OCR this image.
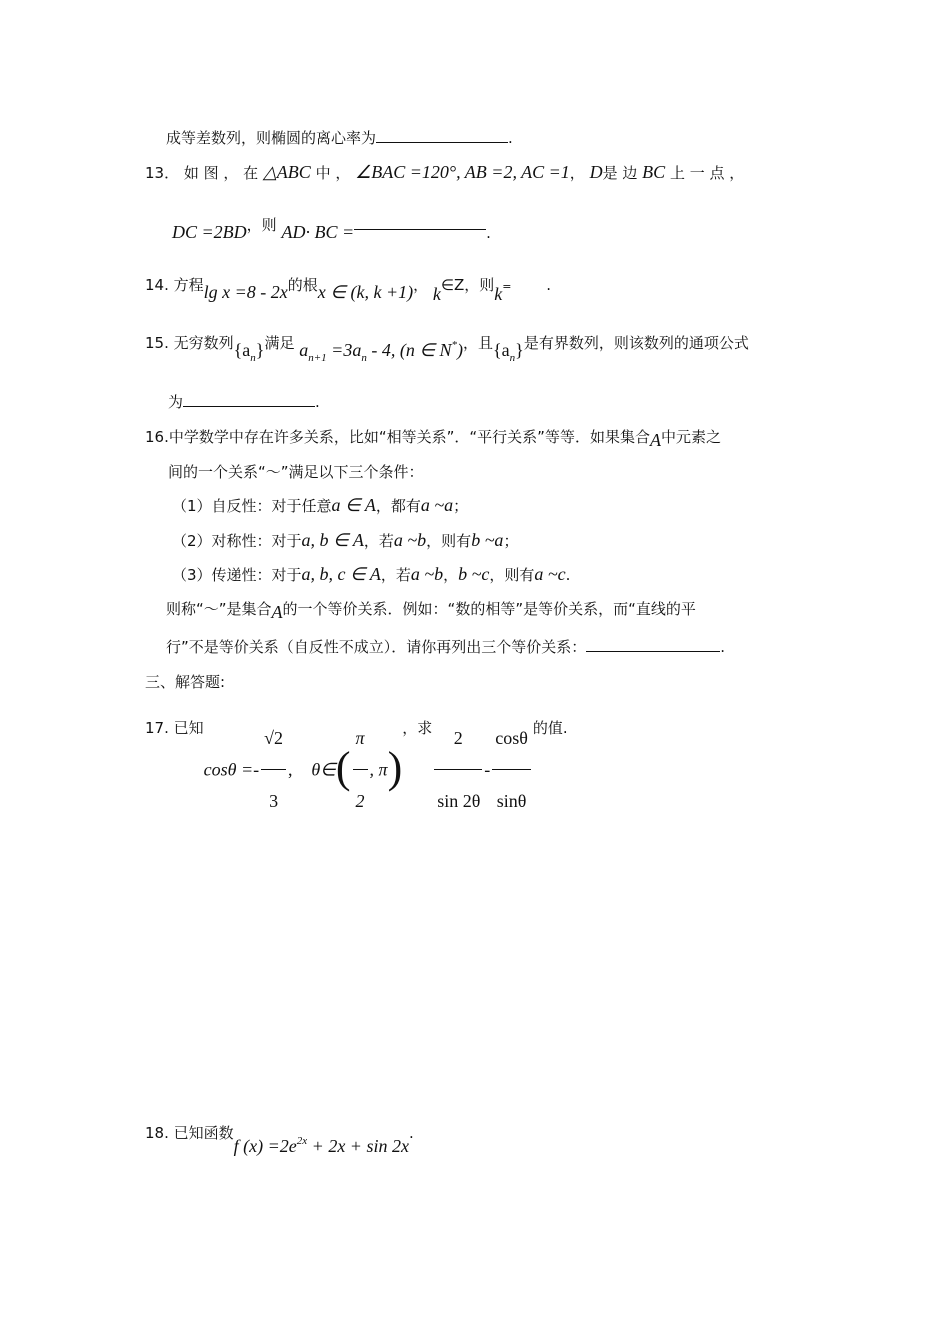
成等差数列，则椭圆的离心率为	.
13． 如 图 ， 在 △ABC 中 ， ∠BAC =120°, AB =2, AC =1， D是 边 BC 上 一 点 ，
DC =2BD，则 AD· BC =	.
14. 方程lg x =8 - 2x的根x ∈ (k, k +1)， k∈Z，则k= .
15. 无穷数列$\{a_n\}$满足 $a_{n+1} =3a_n - 4$, (n ∈ N*)，且$\{a_n\}$是有界数列，则该数列的通项公式
为	.
16.中学数学中存在许多关系，比如“相等关系”．“平行关系”等等．如果集合A中元素之
间的一个关系“～”满足以下三个条件：
（1）自反性：对于任意a ∈ A，都有a ~a；
（2）对称性：对于a, b ∈ A，若a ~b，则有b ~a；
（3）传递性：对于a, b, c ∈ A，若a ~b，b ~c，则有a ~c.
则称“～”是集合A的一个等价关系．例如：“数的相等”是等价关系，而“直线的平
行”不是等价关系（自反性不成立）．请你再列出三个等价关系：	.
三、解答题:
17. 已知$\cos\theta =- \frac{√2}{3}$ , θ∈( $\frac{\pi}{2}$ , π)，求 $\frac{2}{\sin 2\theta} - \frac{\cos\theta}{\sin\theta}$ 的值.
18. 已知函数f $(x) =2e^{2x} + 2x + \sin 2x$.
